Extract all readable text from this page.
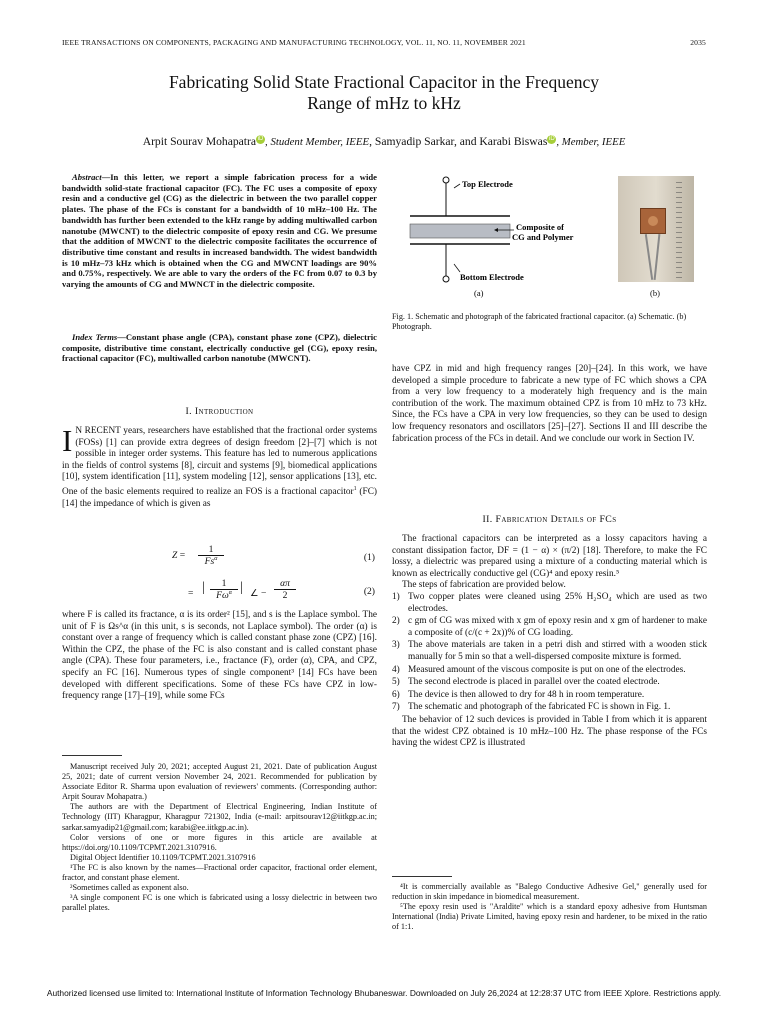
IEEE TRANSACTIONS ON COMPONENTS, PACKAGING AND MANUFACTURING TECHNOLOGY, VOL. 11, NO. 11, NOVEMBER 2021	2035
Fabricating Solid State Fractional Capacitor in the Frequency
Range of mHz to kHz
Arpit Sourav Mohapatra iD , Student Member, IEEE, Samyadip Sarkar, and Karabi Biswas iD , Member, IEEE

Abstract—In this letter, we report a simple fabrication process for a wide bandwidth solid-state fractional capacitor (FC). The FC uses a composite of epoxy resin and a conductive gel (CG) as the dielectric in between the two parallel copper plates. The phase of the FCs is constant for a bandwidth of 10 mHz–100 Hz. The bandwidth has further been extended to the kHz range by adding multiwalled carbon nanotube (MWCNT) to the dielectric composite of epoxy resin and CG. We presume that the addition of MWCNT to the dielectric composite facilitates the occurrence of distributive time constant and results in increased bandwidth. The widest bandwidth is 10 mHz–73 kHz which is obtained when the CG and MWCNT loadings are 90% and 0.75%, respectively. We are able to vary the orders of the FC from 0.07 to 0.3 by varying the amounts of CG and MWNCT in the dielectric composite.

Index Terms—Constant phase angle (CPA), constant phase zone (CPZ), dielectric composite, distributive time constant, electrically conductive gel (CG), epoxy resin, fractional capacitor (FC), multiwalled carbon nanotube (MWCNT).

I. Introduction

I N RECENT years, researchers have established that the fractional order systems (FOSs) [1] can provide extra degrees of design freedom [2]–[7] which is not possible in integer order systems. This feature has led to numerous applications in the fields of control systems [8], circuit and systems [9], biomedical applications [10], system identification [11], system modeling [12], sensor applications [13], etc. One of the basic elements required to realize an FOS is a fractional capacitor$^1$ (FC) [14] the impedance of which is given as

Z =
1
$Fs^\alpha$	(1)
= |	1
$F\omega^\alpha$ | ∠ −
απ
2	(2)

where F is called its fractance, α is its order² [15], and s is the Laplace symbol. The unit of F is Ωs^α (in this unit, s is seconds, not Laplace symbol). The order (α) is constant over a range of frequency which is called constant phase zone (CPZ) [16]. Within the CPZ, the phase of the FC is also constant and is called constant phase angle (CPA). These four parameters, i.e., fractance (F), order (α), CPA, and CPZ, specify an FC [16]. Numerous types of single component³ [14] FCs have been developed with different specifications. Some of these FCs have CPZ in low-frequency range [17]–[19], while some FCs

Manuscript received July 20, 2021; accepted August 21, 2021. Date of publication August 25, 2021; date of current version November 24, 2021. Recommended for publication by Associate Editor R. Sharma upon evaluation of reviewers' comments. (Corresponding author: Arpit Sourav Mohapatra.)

The authors are with the Department of Electrical Engineering, Indian Institute of Technology (IIT) Kharagpur, Kharagpur 721302, India (e-mail: arpitsourav12@iitkgp.ac.in; sarkar.samyadip21@gmail.com; karabi@ee.iitkgp.ac.in).

Color versions of one or more figures in this article are available at https://doi.org/10.1109/TCPMT.2021.3107916.

Digital Object Identifier 10.1109/TCPMT.2021.3107916

¹The FC is also known by the names—Fractional order capacitor, fractional order element, fractor, and constant phase element.

²Sometimes called as exponent also.

³A single component FC is one which is fabricated using a lossy dielectric in between two parallel plates.

Top Electrode
Composite of
CG and Polymer
Bottom Electrode
(a)	(b)
Fig. 1. Schematic and photograph of the fabricated fractional capacitor. (a) Schematic. (b) Photograph.

have CPZ in mid and high frequency ranges [20]–[24]. In this work, we have developed a simple procedure to fabricate a new type of FC which shows a CPA from a very low frequency to a moderately high frequency and is the main contribution of the work. The maximum obtained CPZ is from 10 mHz to 73 kHz. Since, the FCs have a CPA in very low frequencies, so they can be used to design low frequency resonators and oscillators [25]–[27]. Sections II and III describe the fabrication process of the FCs in detail. And we conclude our work in Section IV.

II. Fabrication Details of FCs

The fractional capacitors can be interpreted as a lossy capacitors having a constant dissipation factor, DF = (1 − α) × (π/2) [18]. Therefore, to make the FC lossy, a dielectric was prepared using a mixture of a conducting material which is known as electrically conductive gel (CG)⁴ and epoxy resin.⁵

The steps of fabrication are provided below.

1) Two copper plates were cleaned using 25% H₂SO₄ which are used as two electrodes.
2) c gm of CG was mixed with x gm of epoxy resin and x gm of hardener to make a composite of (c/(c + 2x))% of CG loading.
3) The above materials are taken in a petri dish and stirred with a wooden stick manually for 5 min so that a well-dispersed composite mixture is formed.
4) Measured amount of the viscous composite is put on one of the electrodes.
5) The second electrode is placed in parallel over the coated electrode.
6) The device is then allowed to dry for 48 h in room temperature.
7) The schematic and photograph of the fabricated FC is shown in Fig. 1.

The behavior of 12 such devices is provided in Table I from which it is apparent that the widest CPZ obtained is 10 mHz–100 Hz. The phase response of the FCs having the widest CPZ is illustrated

⁴It is commercially available as "Balego Conductive Adhesive Gel," generally used for reduction in skin impedance in biomedical measurement.

⁵The epoxy resin used is "Araldite" which is a standard epoxy adhesive from Huntsman International (India) Private Limited, having epoxy resin and hardener, to be mixed in the ratio of 1:1.

Authorized licensed use limited to: International Institute of Information Technology Bhubaneswar. Downloaded on July 26,2024 at 12:28:37 UTC from IEEE Xplore. Restrictions apply.
